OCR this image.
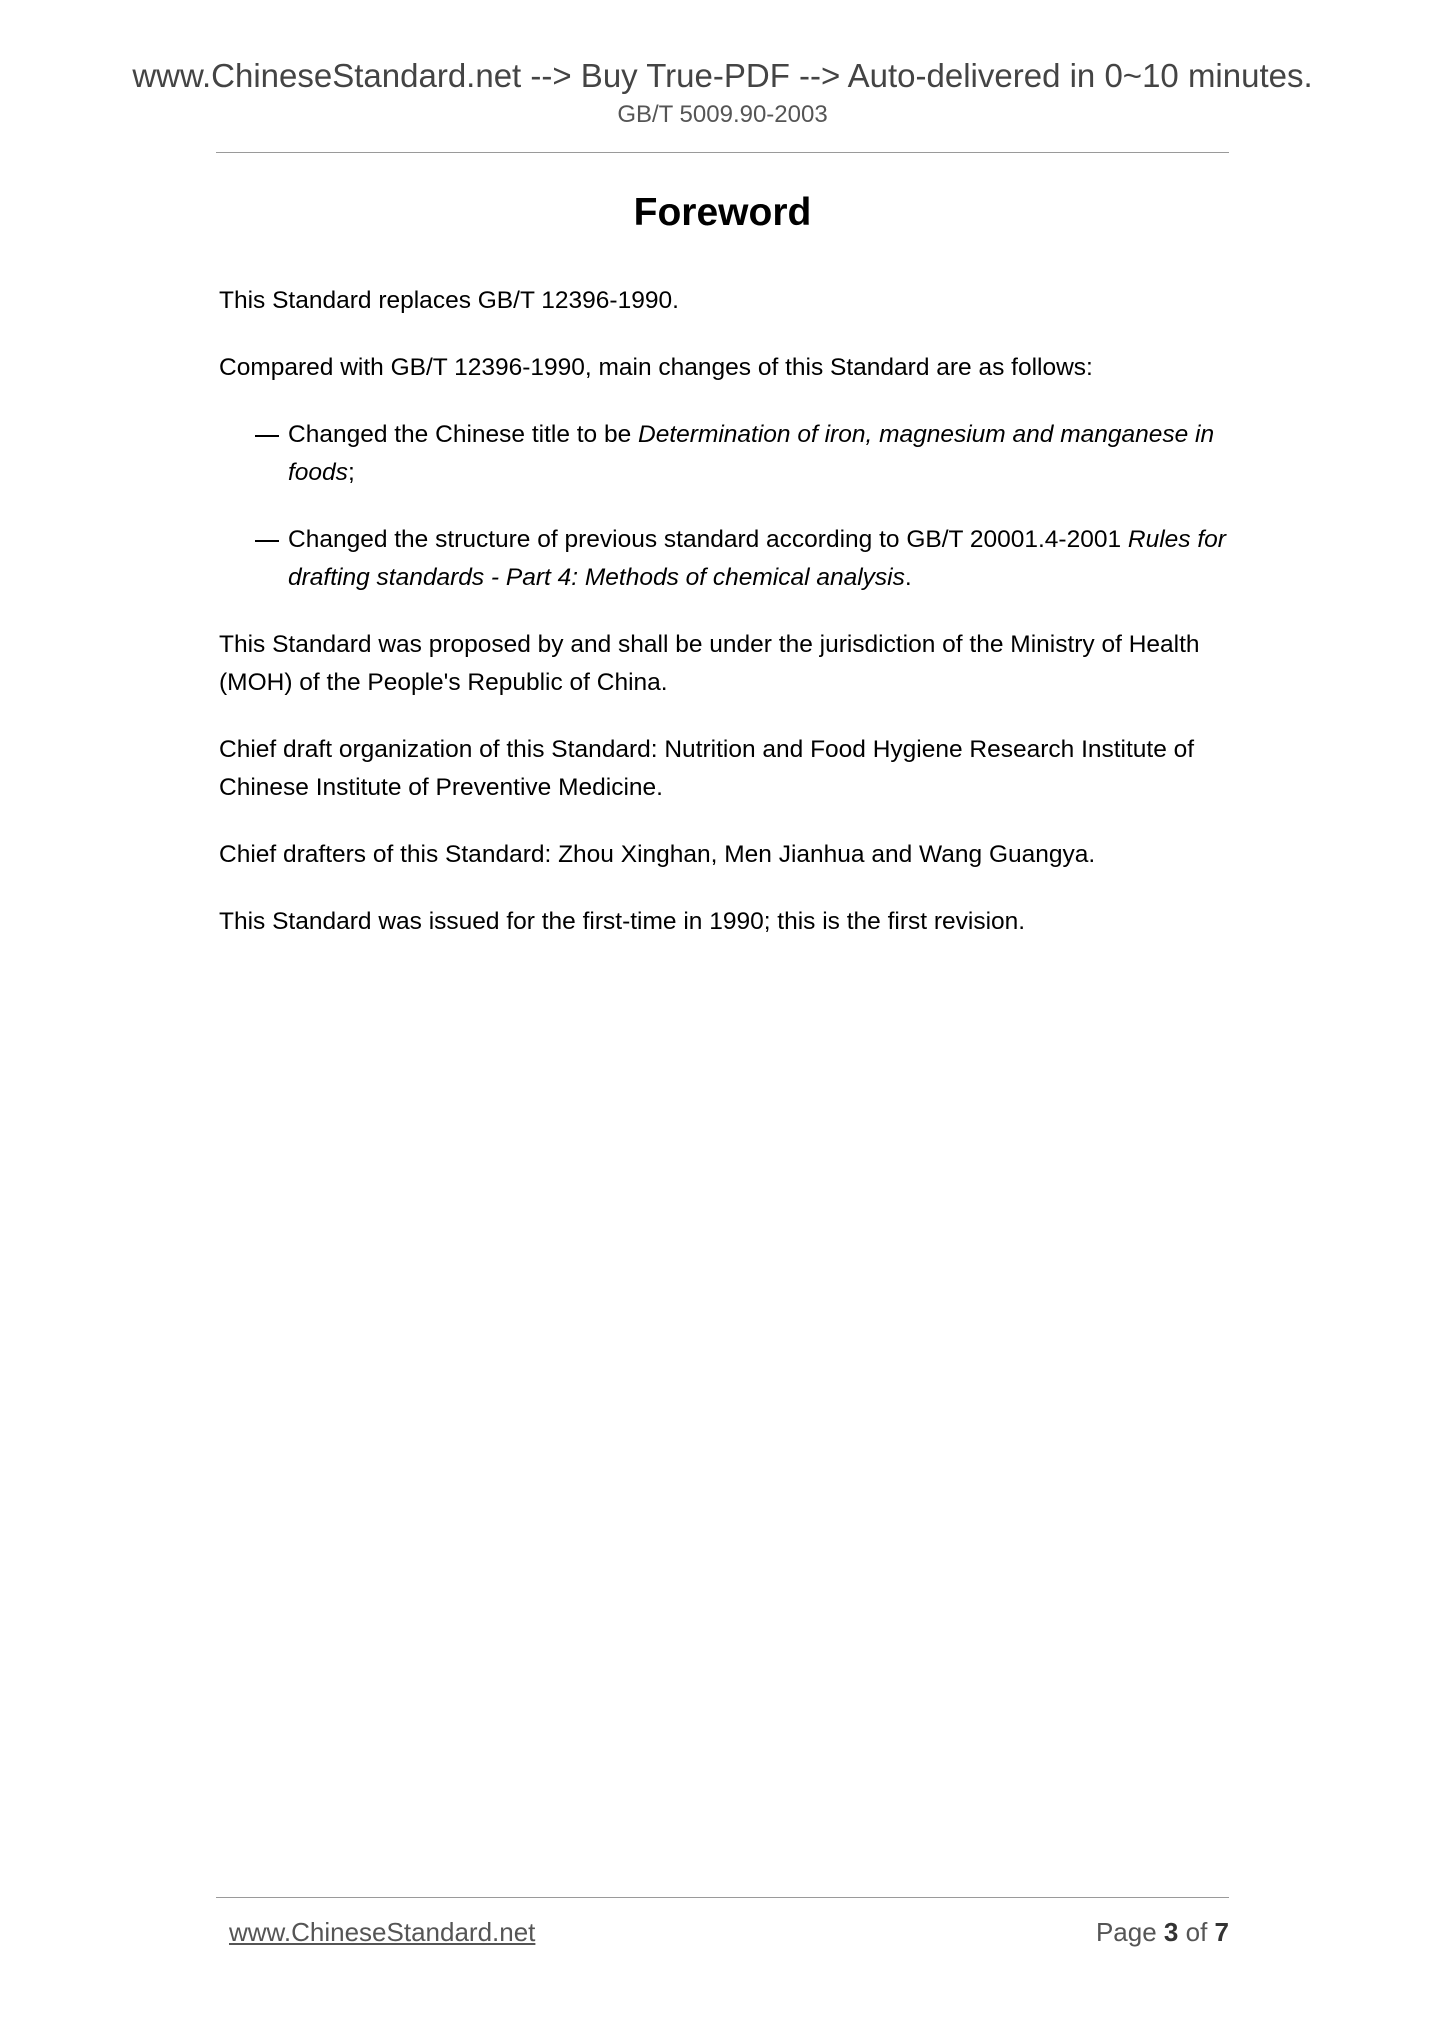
www.ChineseStandard.net --> Buy True-PDF --> Auto-delivered in 0~10 minutes.
GB/T 5009.90-2003
Foreword

This Standard replaces GB/T 12396-1990.

Compared with GB/T 12396-1990, main changes of this Standard are as follows:

Changed the Chinese title to be Determination of iron, magnesium and manganese in foods;
Changed the structure of previous standard according to GB/T 20001.4-2001 Rules for drafting standards - Part 4: Methods of chemical analysis.

This Standard was proposed by and shall be under the jurisdiction of the Ministry of Health (MOH) of the People's Republic of China.

Chief draft organization of this Standard: Nutrition and Food Hygiene Research Institute of Chinese Institute of Preventive Medicine.

Chief drafters of this Standard: Zhou Xinghan, Men Jianhua and Wang Guangya.

This Standard was issued for the first-time in 1990; this is the first revision.

www.ChineseStandard.net	Page 3 of 7
